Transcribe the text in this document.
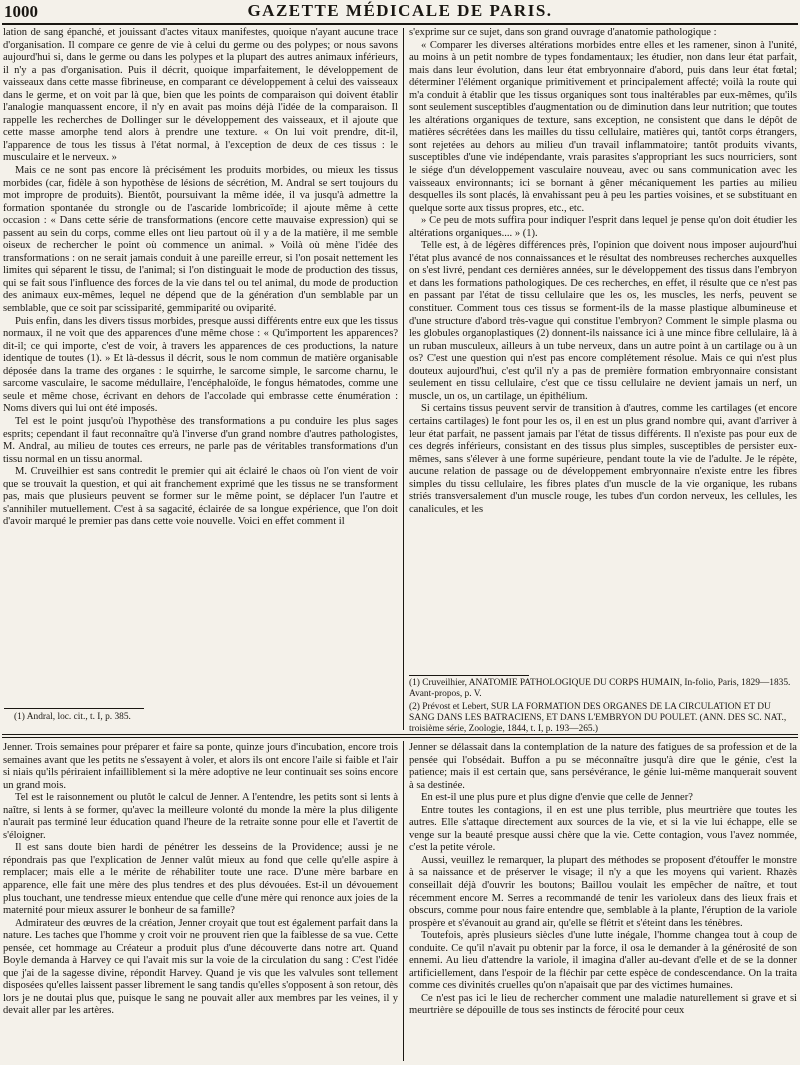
1000	GAZETTE MÉDICALE DE PARIS.

lation de sang épanché, et jouissant d'actes vitaux manifestes, quoique n'ayant aucune trace d'organisation. Il compare ce genre de vie à celui du germe ou des polypes; or nous savons aujourd'hui si, dans le germe ou dans les polypes et la plupart des autres animaux inférieurs, il n'y a pas d'organisation. Puis il décrit, quoique imparfaitement, le développement de vaisseaux dans cette masse fibrineuse, en comparant ce développement à celui des vaisseaux dans le germe, et on voit par là que, bien que les points de comparaison qui doivent établir l'analogie manquassent encore, il n'y en avait pas moins déjà l'idée de la comparaison. Il rappelle les recherches de Dollinger sur le développement des vaisseaux, et il ajoute que cette masse amorphe tend alors à prendre une texture. « On lui voit prendre, dit-il, l'apparence de tous les tissus à l'état normal, à l'exception de deux de ces tissus : le musculaire et le nerveux. »

Mais ce ne sont pas encore là précisément les produits morbides, ou mieux les tissus morbides (car, fidèle à son hypothèse de lésions de sécrétion, M. Andral se sert toujours du mot impropre de produits). Bientôt, poursuivant la même idée, il va jusqu'à admettre la formation spontanée du strongle ou de l'ascaride lombricoïde; il ajoute même à cette occasion : « Dans cette série de transformations (encore cette mauvaise expression) qui se passent au sein du corps, comme elles ont lieu partout où il y a de la matière, il me semble oiseux de rechercher le point où commence un animal. » Voilà où mène l'idée des transformations : on ne serait jamais conduit à une pareille erreur, si l'on posait nettement les limites qui séparent le tissu, de l'animal; si l'on distinguait le mode de production des tissus, qui se fait sous l'influence des forces de la vie dans tel ou tel animal, du mode de production des animaux eux-mêmes, lequel ne dépend que de la génération d'un semblable par un semblable, que ce soit par scissiparité, gemmiparité ou oviparité.

Puis enfin, dans les divers tissus morbides, presque aussi différents entre eux que les tissus normaux, il ne voit que des apparences d'une même chose : « Qu'importent les apparences? dit-il; ce qui importe, c'est de voir, à travers les apparences de ces productions, la nature identique de toutes (1). » Et là-dessus il décrit, sous le nom commun de matière organisable déposée dans la trame des organes : le squirrhe, le sarcome simple, le sarcome charnu, le sarcome vasculaire, le sacome médullaire, l'encéphaloïde, le fongus hématodes, comme une seule et même chose, écrivant en dehors de l'accolade qui embrasse cette énumération : Noms divers qui lui ont été imposés.

Tel est le point jusqu'où l'hypothèse des transformations a pu conduire les plus sages esprits; cependant il faut reconnaître qu'à l'inverse d'un grand nombre d'autres pathologistes, M. Andral, au milieu de toutes ces erreurs, ne parle pas de véritables transformations d'un tissu normal en un tissu anormal.

M. Cruveilhier est sans contredit le premier qui ait éclairé le chaos où l'on vient de voir que se trouvait la question, et qui ait franchement exprimé que les tissus ne se transforment pas, mais que plusieurs peuvent se former sur le même point, se déplacer l'un l'autre et s'annihiler mutuellement. C'est à sa sagacité, éclairée de sa longue expérience, que l'on doit d'avoir marqué le premier pas dans cette voie nouvelle. Voici en effet comment il

(1) Andral, loc. cit., t. I, p. 385.

s'exprime sur ce sujet, dans son grand ouvrage d'anatomie pathologique :

« Comparer les diverses altérations morbides entre elles et les ramener, sinon à l'unité, au moins à un petit nombre de types fondamentaux; les étudier, non dans leur état parfait, mais dans leur évolution, dans leur état embryonnaire d'abord, puis dans leur état fœtal; déterminer l'élément organique primitivement et principalement affecté; voilà la route qui m'a conduit à établir que les tissus organiques sont tous inaltérables par eux-mêmes, qu'ils sont seulement susceptibles d'augmentation ou de diminution dans leur nutrition; que toutes les altérations organiques de texture, sans exception, ne consistent que dans le dépôt de matières sécrétées dans les mailles du tissu cellulaire, matières qui, tantôt corps étrangers, sont rejetées au dehors au milieu d'un travail inflammatoire; tantôt produits vivants, susceptibles d'une vie indépendante, vrais parasites s'appropriant les sucs nourriciers, sont le siége d'un développement vasculaire nouveau, avec ou sans communication avec les vaisseaux environnants; ici se bornant à gêner mécaniquement les parties au milieu desquelles ils sont placés, là envahissant peu à peu les parties voisines, et se substituant en quelque sorte aux tissus propres, etc., etc.

» Ce peu de mots suffira pour indiquer l'esprit dans lequel je pense qu'on doit étudier les altérations organiques.... » (1).

Telle est, à de légères différences près, l'opinion que doivent nous imposer aujourd'hui l'état plus avancé de nos connaissances et le résultat des nombreuses recherches auxquelles on s'est livré, pendant ces dernières années, sur le développement des tissus dans l'embryon et dans les formations pathologiques. De ces recherches, en effet, il résulte que ce n'est pas en passant par l'état de tissu cellulaire que les os, les muscles, les nerfs, peuvent se constituer. Comment tous ces tissus se forment-ils de la masse plastique albumineuse et d'une structure d'abord très-vague qui constitue l'embryon? Comment le simple plasma ou les globules organoplastiques (2) donnent-ils naissance ici à une mince fibre cellulaire, là à un ruban musculeux, ailleurs à un tube nerveux, dans un autre point à un cartilage ou à un os? C'est une question qui n'est pas encore complétement résolue. Mais ce qui n'est plus douteux aujourd'hui, c'est qu'il n'y a pas de première formation embryonnaire consistant seulement en tissu cellulaire, c'est que ce tissu cellulaire ne devient jamais un nerf, un muscle, un os, un cartilage, un épithélium.

Si certains tissus peuvent servir de transition à d'autres, comme les cartilages (et encore certains cartilages) le font pour les os, il en est un plus grand nombre qui, avant d'arriver à leur état parfait, ne passent jamais par l'état de tissus différents. Il n'existe pas pour eux de ces degrés inférieurs, consistant en des tissus plus simples, susceptibles de persister eux-mêmes, sans s'élever à une forme supérieure, pendant toute la vie de l'adulte. Je le répète, aucune relation de passage ou de développement embryonnaire n'existe entre les fibres simples du tissu cellulaire, les fibres plates d'un muscle de la vie organique, les rubans striés transversalement d'un muscle rouge, les tubes d'un cordon nerveux, les cellules, les canalicules, et les

(1) Cruveilhier, ANATOMIE PATHOLOGIQUE DU CORPS HUMAIN, In-folio, Paris, 1829—1835. Avant-propos, p. V.

(2) Prévost et Lebert, SUR LA FORMATION DES ORGANES DE LA CIRCULATION ET DU SANG DANS LES BATRACIENS, ET DANS L'EMBRYON DU POULET. (ANN. DES SC. NAT., troisième série, Zoologie, 1844, t. I, p. 193—265.)

Jenner. Trois semaines pour préparer et faire sa ponte, quinze jours d'incubation, encore trois semaines avant que les petits ne s'essayent à voler, et alors ils ont encore l'aile si faible et l'air si niais qu'ils périraient infailliblement si la mère adoptive ne leur continuait ses soins encore un grand mois.

Tel est le raisonnement ou plutôt le calcul de Jenner. A l'entendre, les petits sont si lents à naître, si lents à se former, qu'avec la meilleure volonté du monde la mère la plus diligente n'aurait pas terminé leur éducation quand l'heure de la retraite sonne pour elle et l'avertit de s'éloigner.

Il est sans doute bien hardi de pénétrer les desseins de la Providence; aussi je ne répondrais pas que l'explication de Jenner valût mieux au fond que celle qu'elle aspire à remplacer; mais elle a le mérite de réhabiliter toute une race. D'une mère barbare en apparence, elle fait une mère des plus tendres et des plus dévouées. Est-il un dévouement plus touchant, une tendresse mieux entendue que celle d'une mère qui renonce aux joies de la maternité pour mieux assurer le bonheur de sa famille?

Admirateur des œuvres de la création, Jenner croyait que tout est également parfait dans la nature. Les taches que l'homme y croit voir ne prouvent rien que la faiblesse de sa vue. Cette pensée, cet hommage au Créateur a produit plus d'une découverte dans notre art. Quand Boyle demanda à Harvey ce qui l'avait mis sur la voie de la circulation du sang : C'est l'idée que j'ai de la sagesse divine, répondit Harvey. Quand je vis que les valvules sont tellement disposées qu'elles laissent passer librement le sang tandis qu'elles s'opposent à son retour, dès lors je ne doutai plus que, puisque le sang ne pouvait aller aux membres par les veines, il y devait aller par les artères.

Jenner se délassait dans la contemplation de la nature des fatigues de sa profession et de la pensée qui l'obsédait. Buffon a pu se méconnaître jusqu'à dire que le génie, c'est la patience; mais il est certain que, sans persévérance, le génie lui-même manquerait souvent à sa destinée.

En est-il une plus pure et plus digne d'envie que celle de Jenner?

Entre toutes les contagions, il en est une plus terrible, plus meurtrière que toutes les autres. Elle s'attaque directement aux sources de la vie, et si la vie lui échappe, elle se venge sur la beauté presque aussi chère que la vie. Cette contagion, vous l'avez nommée, c'est la petite vérole.

Aussi, veuillez le remarquer, la plupart des méthodes se proposent d'étouffer le monstre à sa naissance et de préserver le visage; il n'y a que les moyens qui varient. Rhazès conseillait déjà d'ouvrir les boutons; Baillou voulait les empêcher de naître, et tout récemment encore M. Serres a recommandé de tenir les varioleux dans des lieux frais et obscurs, comme pour nous faire entendre que, semblable à la plante, l'éruption de la variole prospère et s'évanouit au grand air, qu'elle se flétrit et s'éteint dans les ténèbres.

Toutefois, après plusieurs siècles d'une lutte inégale, l'homme changea tout à coup de conduite. Ce qu'il n'avait pu obtenir par la force, il osa le demander à la générosité de son ennemi. Au lieu d'attendre la variole, il imagina d'aller au-devant d'elle et de se la donner artificiellement, dans l'espoir de la fléchir par cette espèce de condescendance. On la traita comme ces divinités cruelles qu'on n'apaisait que par des victimes humaines.

Ce n'est pas ici le lieu de rechercher comment une maladie naturellement si grave et si meurtrière se dépouille de tous ses instincts de férocité pour ceux
